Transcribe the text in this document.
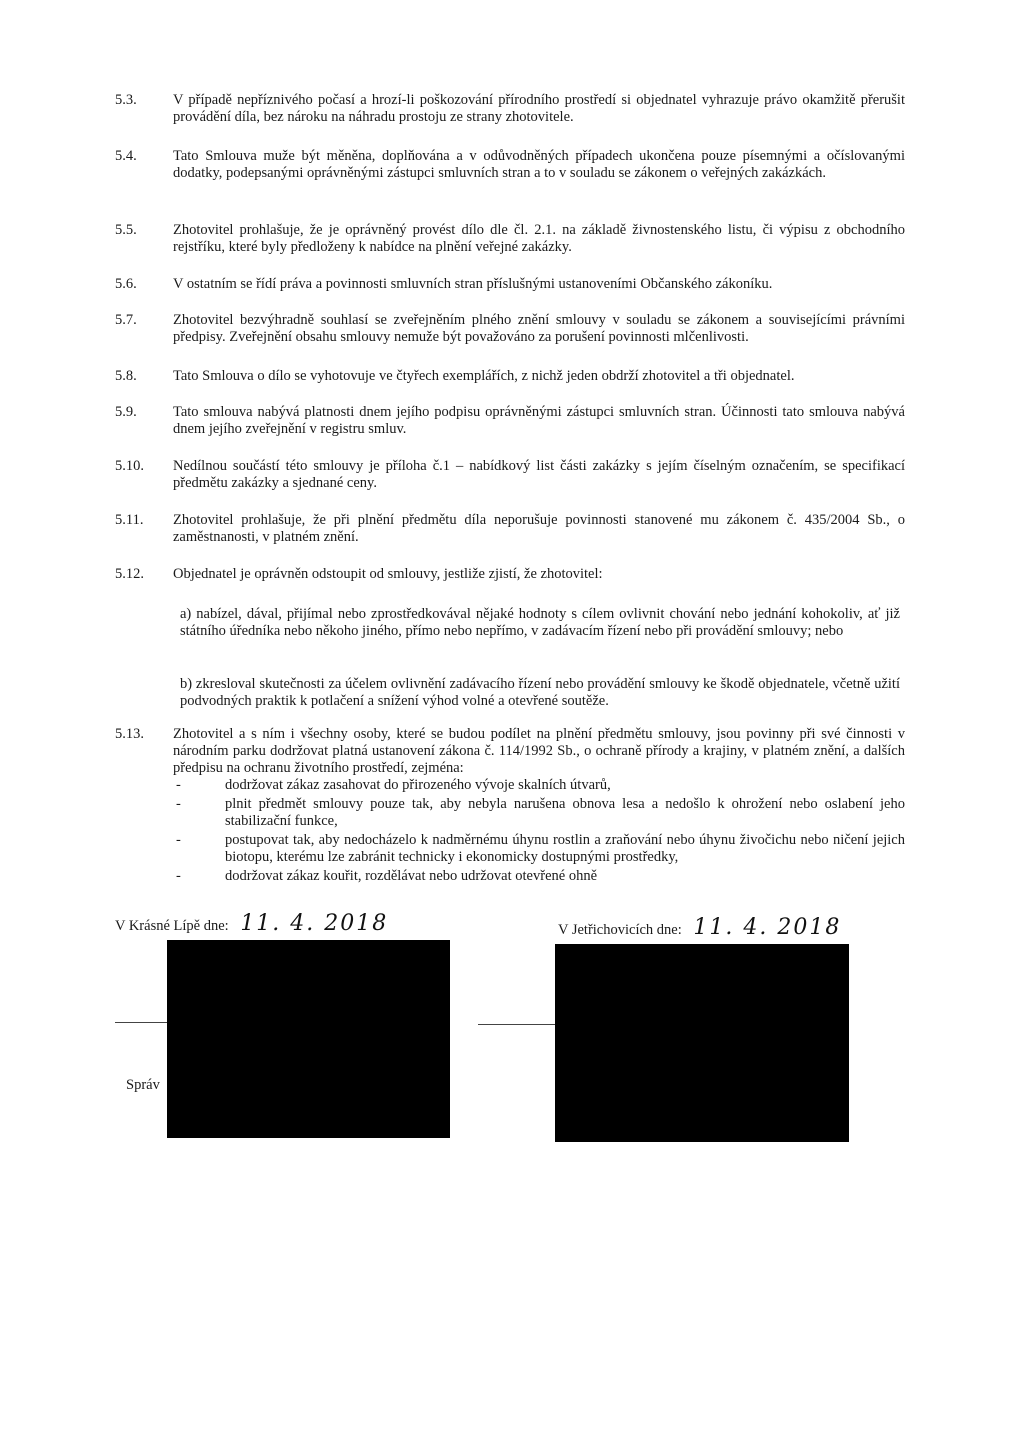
5.3.	V případě nepříznivého počasí a hrozí-li poškozování přírodního prostředí si objednatel vyhrazuje právo okamžitě přerušit provádění díla, bez nároku na náhradu prostoju ze strany zhotovitele.

5.4.	Tato Smlouva muže být měněna, doplňována a v odůvodněných případech ukončena pouze písemnými a očíslovanými dodatky, podepsanými oprávněnými zástupci smluvních stran a to v souladu se zákonem o veřejných zakázkách.

5.5.	Zhotovitel prohlašuje, že je oprávněný provést dílo dle čl. 2.1. na základě živnostenského listu, či výpisu z obchodního rejstříku, které byly předloženy k nabídce na plnění veřejné zakázky.

5.6.	V ostatním se řídí práva a povinnosti smluvních stran příslušnými ustanoveními Občanského zákoníku.

5.7.	Zhotovitel bezvýhradně souhlasí se zveřejněním plného znění smlouvy v souladu se zákonem a souvisejícími právními předpisy. Zveřejnění obsahu smlouvy nemuže být považováno za porušení povinnosti mlčenlivosti.

5.8.	Tato Smlouva o dílo se vyhotovuje ve čtyřech exemplářích, z nichž jeden obdrží zhotovitel a tři objednatel.

5.9.	Tato smlouva nabývá platnosti dnem jejího podpisu oprávněnými zástupci smluvních stran. Účinnosti tato smlouva nabývá dnem jejího zveřejnění v registru smluv.

5.10.	Nedílnou součástí této smlouvy je příloha č.1 – nabídkový list části zakázky s jejím číselným označením, se specifikací předmětu zakázky a sjednané ceny.

5.11.	Zhotovitel prohlašuje, že při plnění předmětu díla neporušuje povinnosti stanovené mu zákonem č. 435/2004 Sb., o zaměstnanosti, v platném znění.

5.12.	Objednatel je oprávněn odstoupit od smlouvy, jestliže zjistí, že zhotovitel:

a) nabízel, dával, přijímal nebo zprostředkovával nějaké hodnoty s cílem ovlivnit chování nebo jednání kohokoliv, ať již státního úředníka nebo někoho jiného, přímo nebo nepřímo, v zadávacím řízení nebo při provádění smlouvy; nebo
b) zkresloval skutečnosti za účelem ovlivnění zadávacího řízení nebo provádění smlouvy ke škodě objednatele, včetně užití podvodných praktik k potlačení a snížení výhod volné a otevřené soutěže.
5.13.	Zhotovitel a s ním i všechny osoby, které se budou podílet na plnění předmětu smlouvy, jsou povinny při své činnosti v národním parku dodržovat platná ustanovení zákona č. 114/1992 Sb., o ochraně přírody a krajiny, v platném znění, a dalších předpisu na ochranu životního prostředí, zejména:

-	dodržovat zákaz zasahovat do přirozeného vývoje skalních útvarů,
-	plnit předmět smlouvy pouze tak, aby nebyla narušena obnova lesa a nedošlo k ohrožení nebo oslabení jeho stabilizační funkce,
-	postupovat tak, aby nedocházelo k nadměrnému úhynu rostlin a zraňování nebo úhynu živočichu nebo ničení jejich biotopu, kterému lze zabránit technicky i ekonomicky dostupnými prostředky,
-	dodržovat zákaz kouřit, rozdělávat nebo udržovat otevřené ohně
V Krásné Lípě dne: 11. 4. 2018	V Jetřichovicích dne: 11. 4. 2018
Správ
